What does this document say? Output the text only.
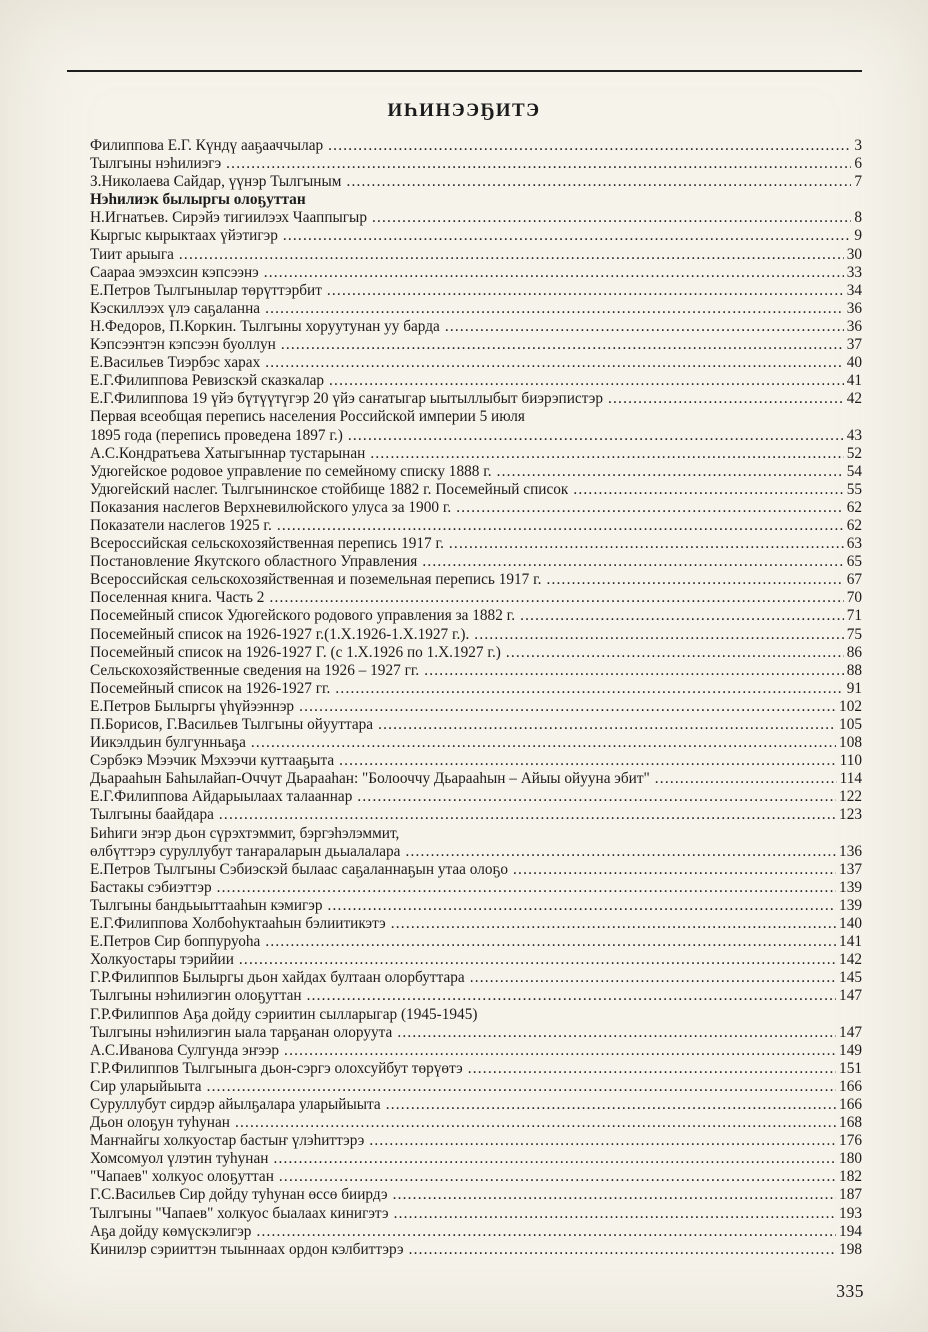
ИҺИНЭЭҔИТЭ
Филиппова Е.Г. Күндү ааҕааччылар .....	3
Тылгыны нэһилиэгэ .....	6
З.Николаева Сайдар, үүнэр Тылгыным .....	7
Нэһилиэк былыргы олоҕуттан
Н.Игнатьев. Сирэйэ тигиилээх Чааппыгыр .....	8
Кыргыс кырыктаах үйэтигэр .....	9
Тиит арыыга .....	30
Саараа эмээхсин кэпсээнэ .....	33
Е.Петров Тылгынылар төрүттэрбит .....	34
Кэскиллээх үлэ саҕаланна .....	36
Н.Федоров, П.Коркин. Тылгыны хоруутунан уу барда .....	36
Кэпсээнтэн кэпсээн буоллун .....	37
Е.Васильев Тиэрбэс харах .....	40
Е.Г.Филиппова Ревизскэй сказкалар .....	41
Е.Г.Филиппова 19 үйэ бүтүүтүгэр 20 үйэ саҥатыгар ыытыллыбыт биэрэпистэр .....	42
Первая всеобщая перепись населения Российской империи 5 июля
1895 года (перепись проведена 1897 г.) .....	43
А.С.Кондратьева Хатыгыннар тустарынан .....	52
Удюгейское родовое управление по семейному списку 1888 г. .....	54
Удюгейский наслег. Тылгынинское стойбище 1882 г. Посемейный список .....	55
Показания наслегов Верхневилюйского улуса за 1900 г. .....	62
Показатели наслегов 1925 г. .....	62
Всероссийская сельскохозяйственная перепись 1917 г. .....	63
Постановление Якутского областного Управления .....	65
Всероссийская сельскохозяйственная и поземельная перепись 1917 г. .....	67
Поселенная книга. Часть 2 .....	70
Посемейный список Удюгейского родового управления за 1882 г. .....	71
Посемейный список на 1926-1927 г.(1.X.1926-1.X.1927 г.). .....	75
Посемейный список на 1926-1927 Г. (с 1.X.1926 по 1.X.1927 г.) .....	86
Сельскохозяйственные сведения на 1926 – 1927 гг. .....	88
Посемейный список на 1926-1927 гг. .....	91
Е.Петров Былыргы үһүйээннэр .....	102
П.Борисов, Г.Васильев Тылгыны ойууттара .....	105
Иикэлдьин булгунньаҕа .....	108
Сэрбэкэ Мээчик Мэхээчи куттааҕыта .....	110
Дьарааһын Баһылайап-Оччут Дьарааһан: "Болооччу Дьарааһын – Айыы ойууна эбит" .....	114
Е.Г.Филиппова Айдарыылаах талааннар .....	122
Тылгыны баайдара .....	123
Биһиги эҥэр дьон сүрэхтэммит, бэргэһэлэммит,
өлбүттэрэ суруллубут таҥараларын дьыалалара .....	136
Е.Петров Тылгыны Сэбиэскэй былаас саҕаланнаҕын утаа олоҕо .....	137
Бастакы сэбиэттэр .....	139
Тылгыны бандьыыттааһын кэмигэр .....	139
Е.Г.Филиппова Холбоһуктааһын бэлиитикэтэ .....	140
Е.Петров Сир боппуруоһа .....	141
Холкуостары тэрийии .....	142
Г.Р.Филиппов Былыргы дьон хайдах бултаан олорбуттара .....	145
Тылгыны нэһилиэгин олоҕуттан .....	147
Г.Р.Филиппов Аҕа дойду сэриитин сылларыгар (1945-1945)
Тылгыны нэһилиэгин ыала тарҕанан олоруута .....	147
А.С.Иванова Сулгунда эҥээр .....	149
Г.Р.Филиппов Тылгыныга дьон-сэргэ олохсуйбут төрүөтэ .....	151
Сир уларыйыыта .....	166
Суруллубут сирдэр айылҕалара уларыйыыта .....	166
Дьон олоҕун туһунан .....	168
Маҥнайгы холкуостар бастыҥ үлэһиттэрэ .....	176
Хомсомуол үлэтин туһунан .....	180
"Чапаев" холкуос олоҕуттан .....	182
Г.С.Васильев Сир дойду туһунан өссө биирдэ .....	187
Тылгыны "Чапаев" холкуос быалаах кинигэтэ .....	193
Аҕа дойду көмүскэлигэр .....	194
Кинилэр сэрииттэн тыыннаах ордон кэлбиттэрэ .....	198
335
